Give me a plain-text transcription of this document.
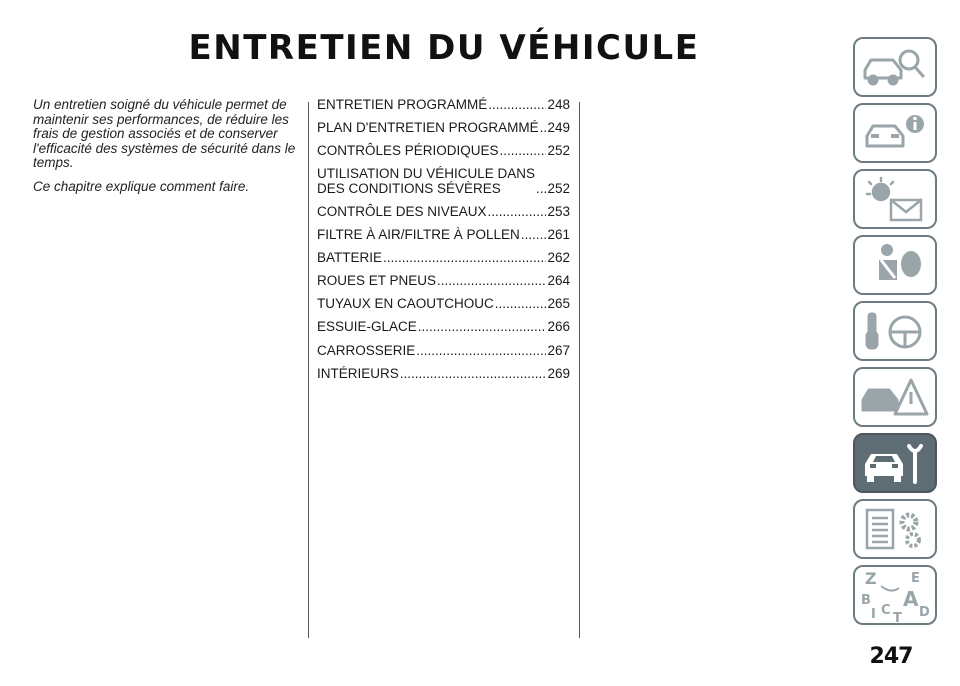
ENTRETIEN DU VÉHICULE

Un entretien soigné du véhicule permet de maintenir ses performances, de réduire les frais de gestion associés et de conserver l'efficacité des systèmes de sécurité dans le temps.

Ce chapitre explique comment faire.

ENTRETIEN PROGRAMMÉ .....	248
PLAN D'ENTRETIEN PROGRAMMÉ ..... 249
CONTRÔLES PÉRIODIQUES .....	252
UTILISATION DU VÉHICULE DANS
DES CONDITIONS SÉVÈRES .....	252
CONTRÔLE DES NIVEAUX .....	253
FILTRE À AIR/FILTRE À POLLEN ..... 261
BATTERIE .....	262
ROUES ET PNEUS .....	264
TUYAUX EN CAOUTCHOUC .....	265
ESSUIE-GLACE .....	266
CARROSSERIE .....	267
INTÉRIEURS .....	269
Z	E
B A
D
I C
T
247
